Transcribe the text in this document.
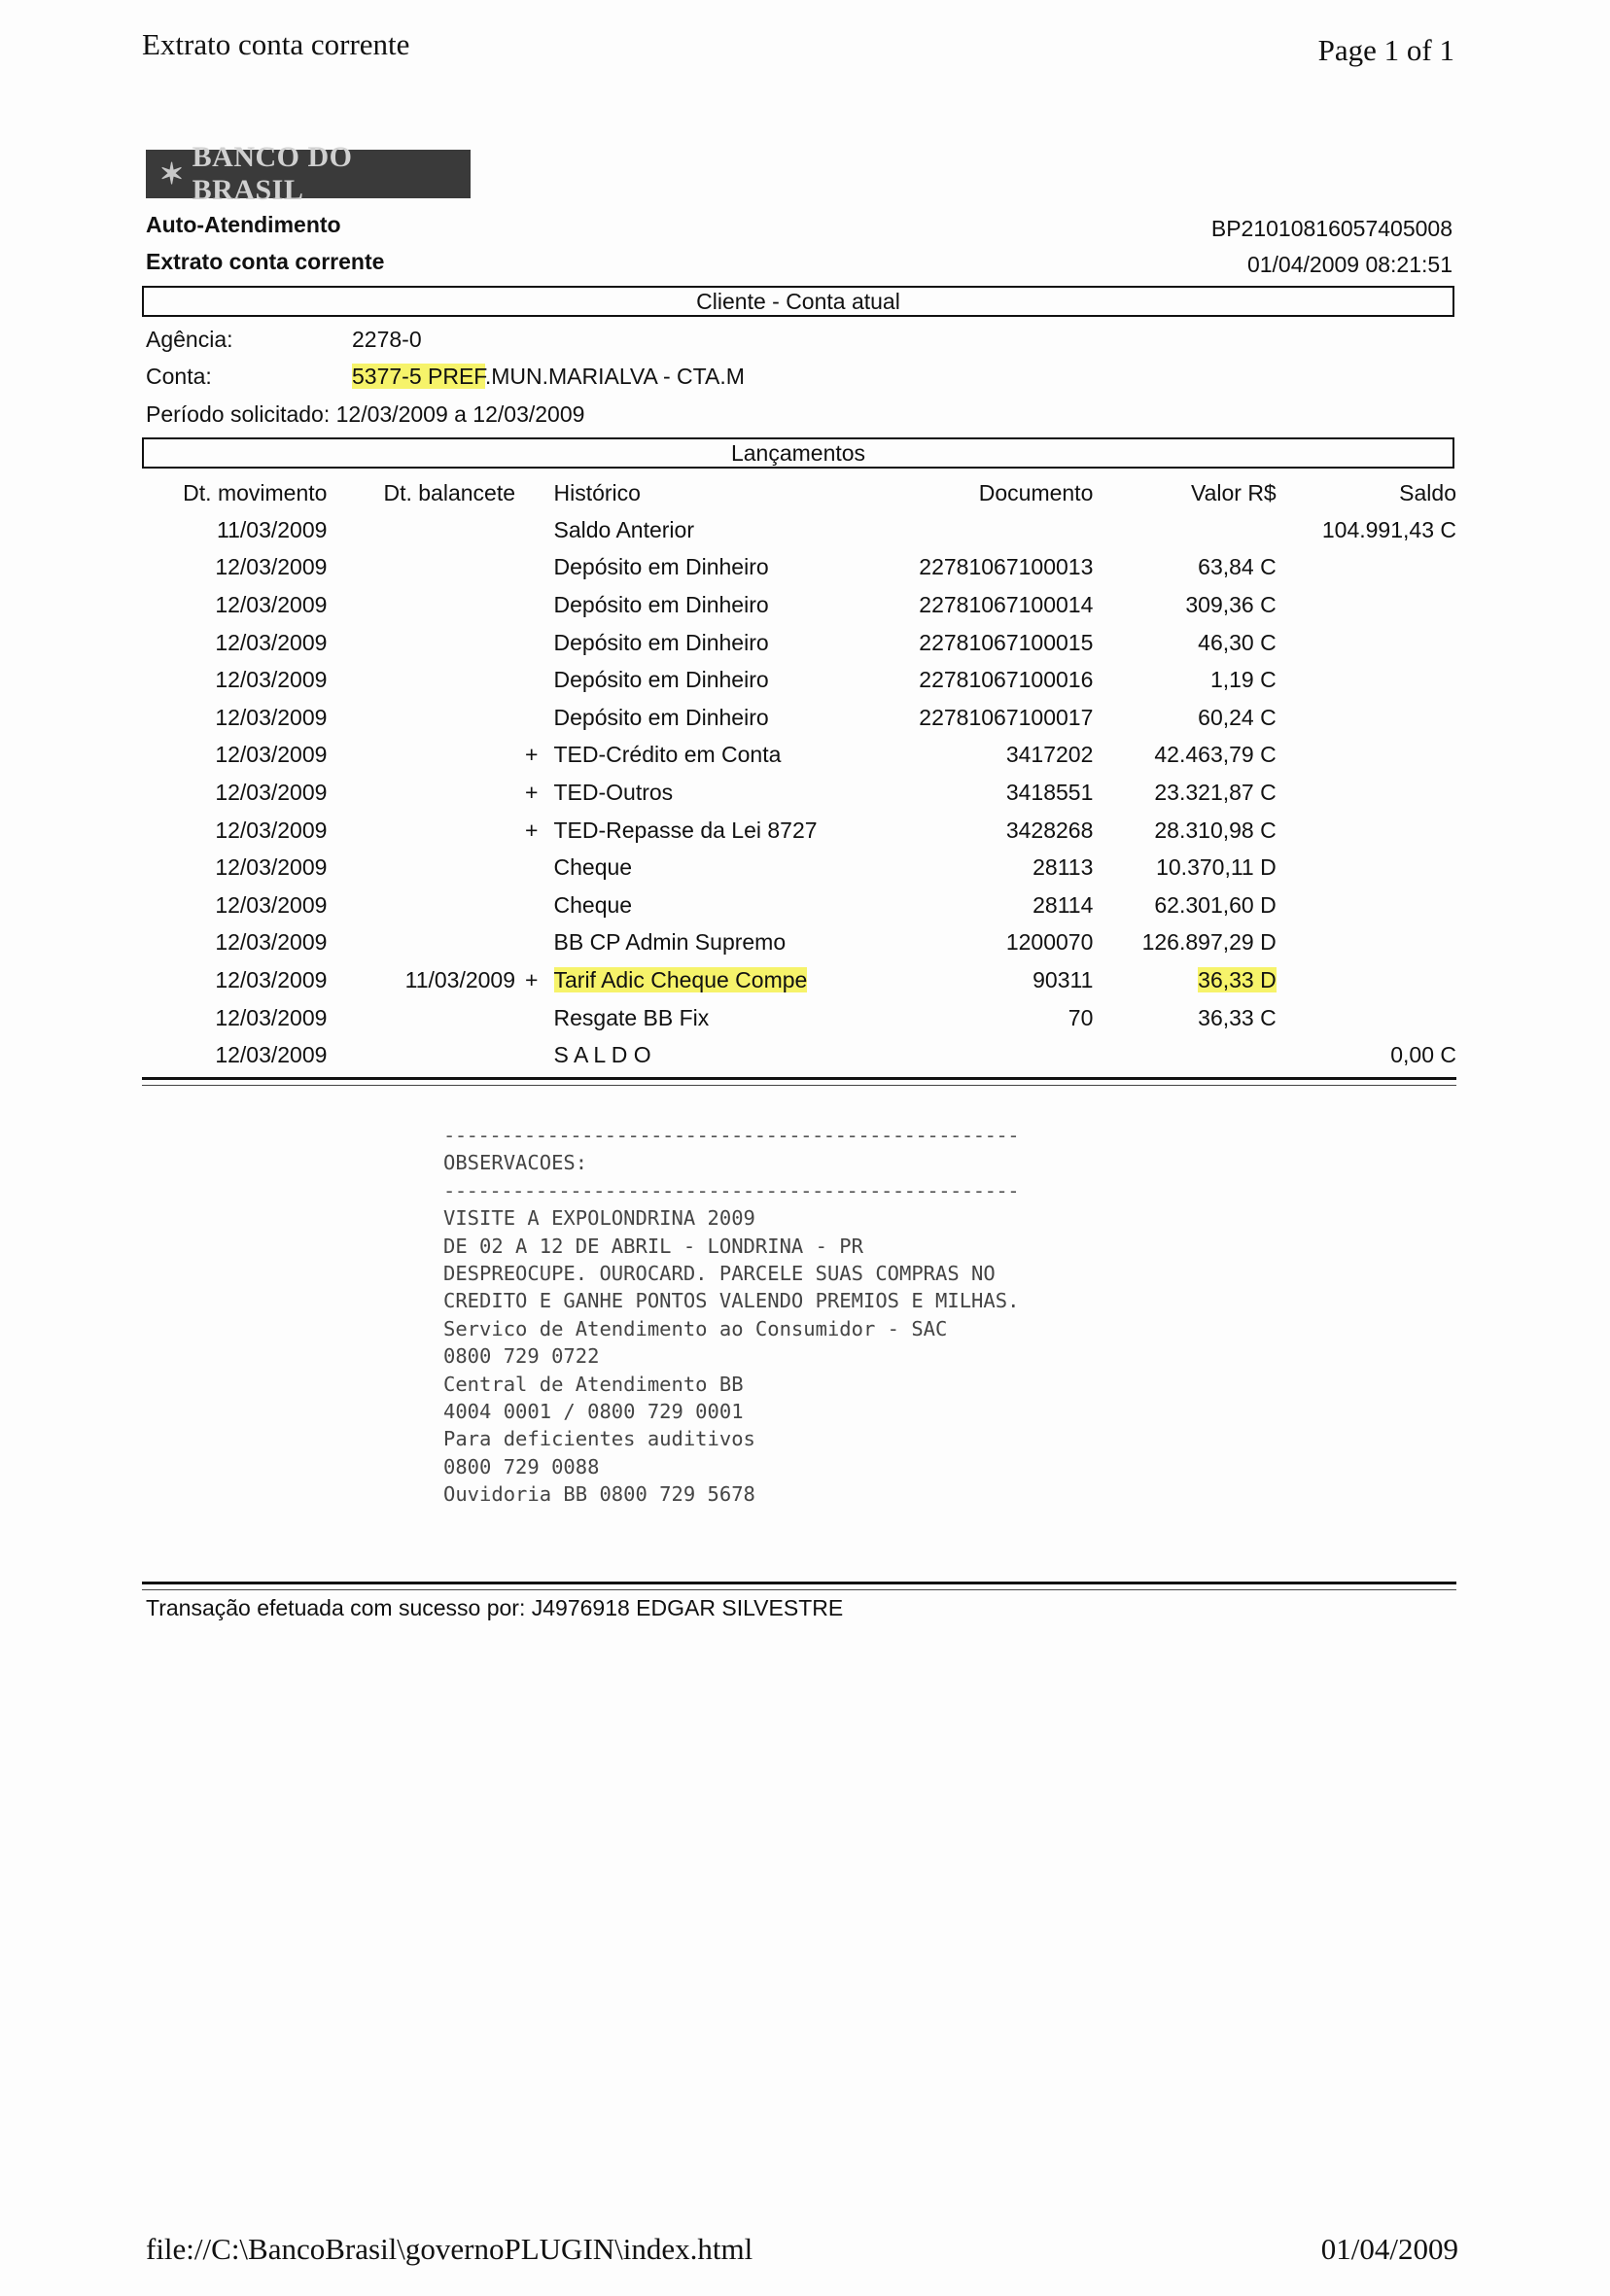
Extrato conta corrente	Page 1 of 1
✶
BANCO DO BRASIL
Auto-Atendimento
Extrato conta corrente
BP21010816057405008
01/04/2009 08:21:51
Cliente - Conta atual
Agência:	2278-0
Conta:	5377-5 PREF.MUN.MARIALVA - CTA.M
Período solicitado: 12/03/2009 a 12/03/2009
Lançamentos
Dt. movimento	Dt. balancete		Histórico	Documento	Valor R$	Saldo
11/03/2009			Saldo Anterior			104.991,43 C
12/03/2009			Depósito em Dinheiro	22781067100013	63,84 C	
12/03/2009			Depósito em Dinheiro	22781067100014	309,36 C	
12/03/2009			Depósito em Dinheiro	22781067100015	46,30 C	
12/03/2009			Depósito em Dinheiro	22781067100016	1,19 C	
12/03/2009			Depósito em Dinheiro	22781067100017	60,24 C	
12/03/2009		+	TED-Crédito em Conta	3417202	42.463,79 C	
12/03/2009		+	TED-Outros	3418551	23.321,87 C	
12/03/2009		+	TED-Repasse da Lei 8727	3428268	28.310,98 C	
12/03/2009			Cheque	28113	10.370,11 D	
12/03/2009			Cheque	28114	62.301,60 D	
12/03/2009			BB CP Admin Supremo	1200070	126.897,29 D	
12/03/2009	11/03/2009	+	Tarif Adic Cheque Compe	90311	36,33 D	
12/03/2009			Resgate BB Fix	70	36,33 C	
12/03/2009			S A L D O			0,00 C
--------------------------------------------------
OBSERVACOES:
--------------------------------------------------
VISITE A EXPOLONDRINA 2009
DE 02 A 12 DE ABRIL - LONDRINA - PR
DESPREOCUPE. OUROCARD. PARCELE SUAS COMPRAS NO
CREDITO E GANHE PONTOS VALENDO PREMIOS E MILHAS.
Servico de Atendimento ao Consumidor - SAC
0800 729 0722
Central de Atendimento BB
4004 0001 / 0800 729 0001
Para deficientes auditivos
0800 729 0088
Ouvidoria BB 0800 729 5678
Transação efetuada com sucesso por: J4976918 EDGAR SILVESTRE
file://C:\BancoBrasil\governoPLUGIN\index.html	01/04/2009
